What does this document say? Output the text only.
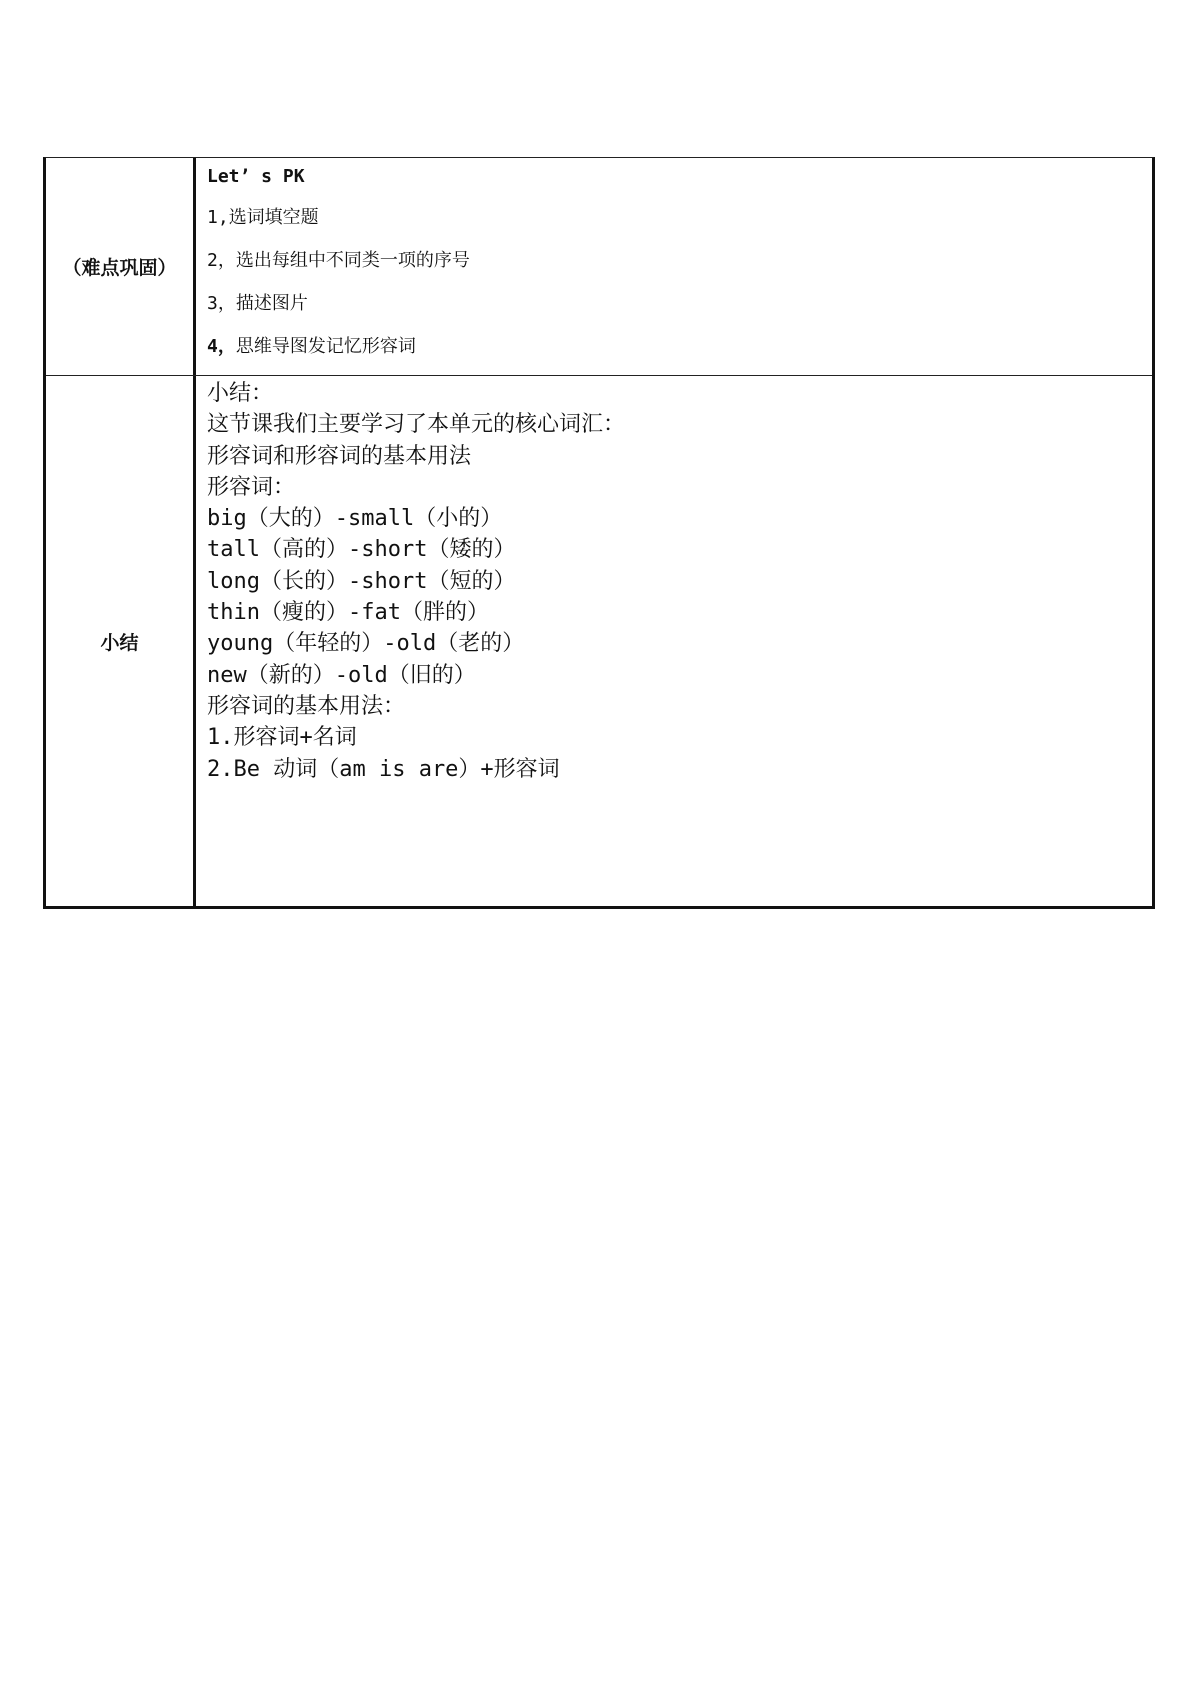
（难点巩固）
Let’ s PK
1,选词填空题
2，选出每组中不同类一项的序号
3，描述图片
4，思维导图发记忆形容词
小结
小结：
这节课我们主要学习了本单元的核心词汇：
形容词和形容词的基本用法
形容词：
big（大的）-small（小的）
tall（高的）-short（矮的）
long（长的）-short（短的）
thin（瘦的）-fat（胖的）
young（年轻的）-old（老的）
new（新的）-old（旧的）
形容词的基本用法：
1.形容词+名词
2.Be 动词（am is are）+形容词
